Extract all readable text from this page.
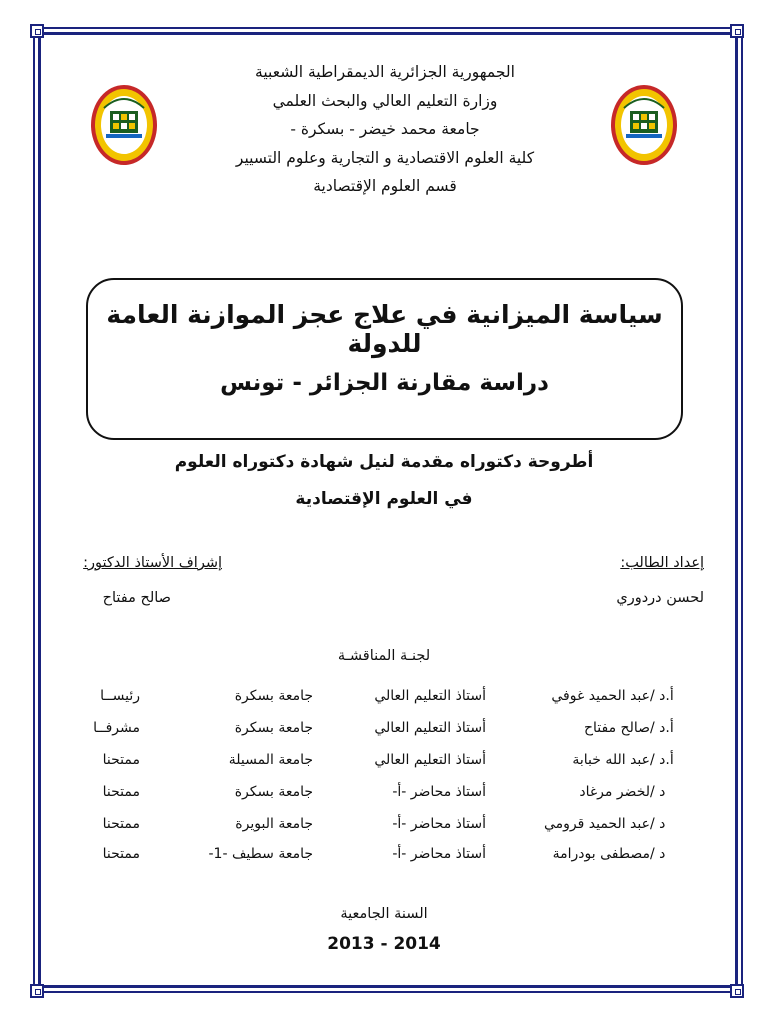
الجمهورية الجزائرية الديمقراطية الشعبية
وزارة التعليم العالي والبحث العلمي
جامعة محمد خيضر - بسكرة -
كلية العلوم الاقتصادية و التجارية وعلوم التسيير
قسم العلوم الإقتصادية
سياسة الميزانية في علاج عجز الموازنة العامة للدولة
دراسة مقارنة الجزائر - تونس
أطروحة دكتوراه مقدمة لنيل شهادة دكتوراه العلوم
في العلوم الإقتصادية
إعداد الطالب:
لحسن دردوري
إشراف الأستاذ الدكتور:
صالح مفتاح
لجنـة المناقشـة
أ.د /
عبد الحميد غوفي
أستاذ التعليم العالي
جامعة بسكرة
رئيســا
أ.د /
صالح مفتاح
أستاذ التعليم العالي
جامعة بسكرة
مشرفــا
أ.د /
عبد الله خبابة
أستاذ التعليم العالي
جامعة المسيلة
ممتحنا
د /
لخضر مرغاد
أستاذ محاضر -أ-
جامعة بسكرة
ممتحنا
د /
عبد الحميد قرومي
أستاذ محاضر -أ-
جامعة البويرة
ممتحنا
د /
مصطفى بودرامة
أستاذ محاضر -أ-
جامعة سطيف -1-
ممتحنا
السنة الجامعية
2013 - 2014
